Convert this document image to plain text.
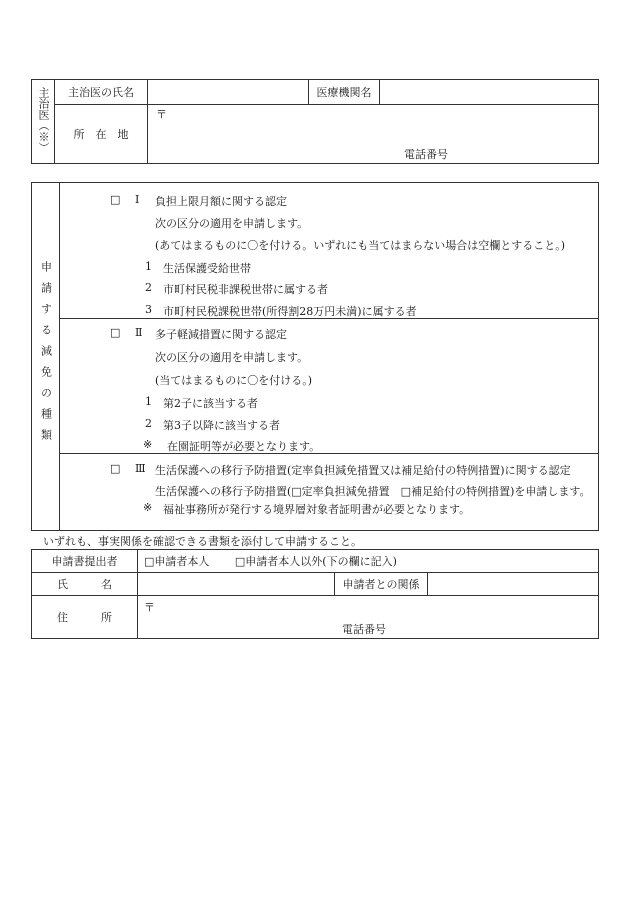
主治医（※）	主治医の氏名		医療機関名	
	所　在　地	〒
電話番号		
申請する減免の種類	
□ Ⅰ 負担上限月額に関する認定
次の区分の適用を申請します。
(あてはまるものに〇を付ける。いずれにも当てはまらない場合は空欄とすること。)
1 生活保護受給世帯
2 市町村民税非課税世帯に属する者
3 市町村民税課税世帯(所得割28万円未満)に属する者

□ Ⅱ 多子軽減措置に関する認定
次の区分の適用を申請します。
(当てはまるものに〇を付ける。)
1 第2子に該当する者
2 第3子以降に該当する者
※ 在園証明等が必要となります。

□ Ⅲ 生活保護への移行予防措置(定率負担減免措置又は補足給付の特例措置)に関する認定
生活保護への移行予防措置(□定率負担減免措置　□補足給付の特例措置)を申請します。
※ 福祉事務所が発行する境界層対象者証明書が必要となります。
いずれも、事実関係を確認できる書類を添付して申請すること。
申請書提出者	□申請者本人 □申請者本人以外(下の欄に記入)		
氏　　　名		申請者との関係	
住　　　所	〒
電話番号		
